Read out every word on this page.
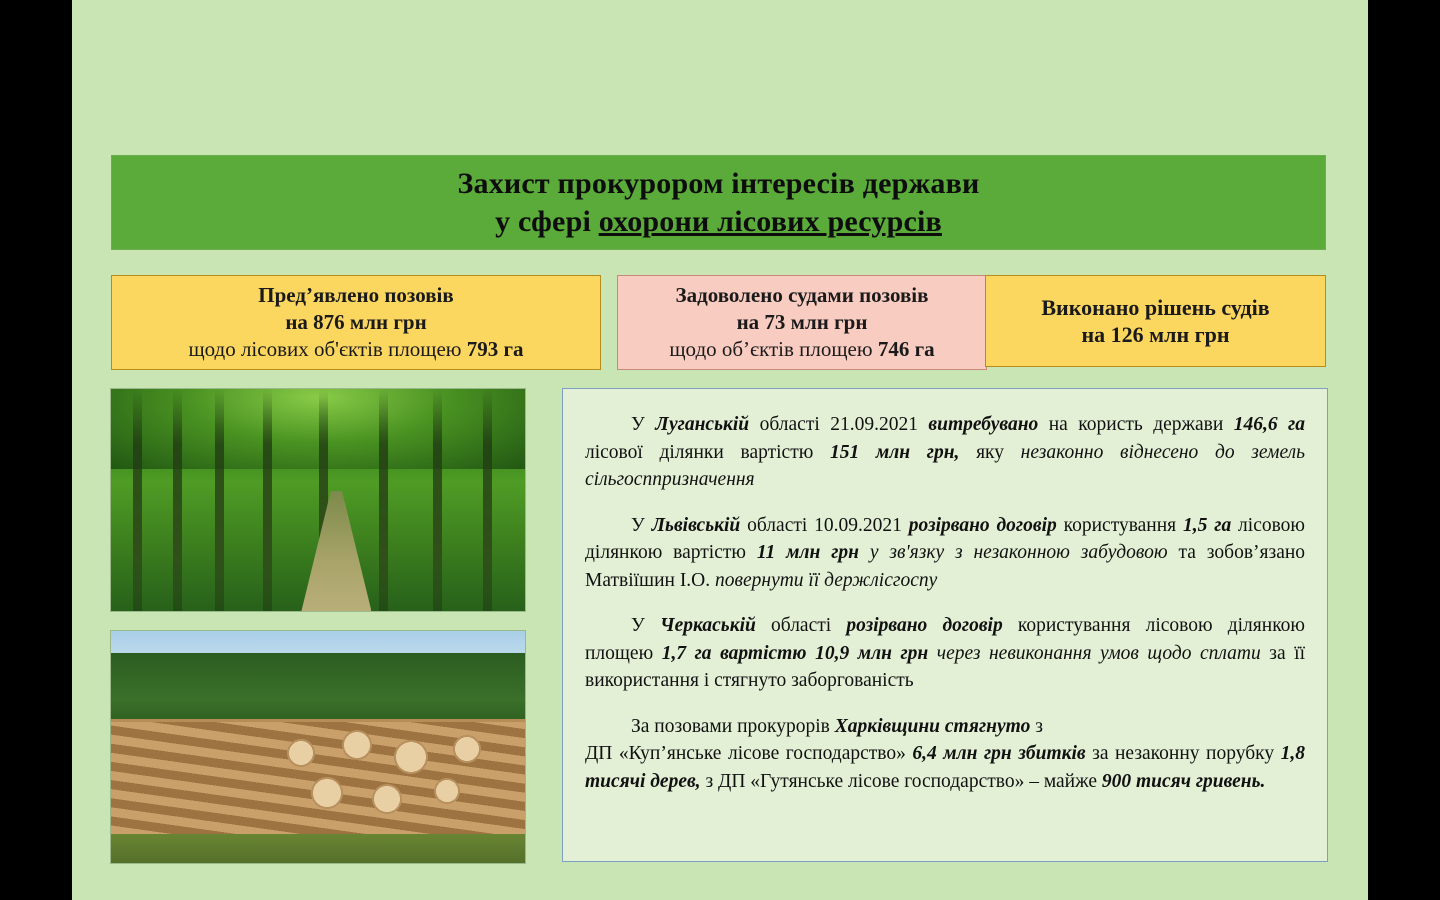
Захист прокурором інтересів держави
у сфері охорони лісових ресурсів
Пред’явлено позовів
на 876 млн грн
щодо лісових об'єктів площею 793 га
Задоволено судами позовів
на 73 млн грн
щодо об’єктів площею 746 га
Виконано рішень судів
на 126 млн грн

У Луганській області 21.09.2021 витребувано на користь держави 146,6 га лісової ділянки вартістю 151 млн грн, яку незаконно віднесено до земель сільгосппризначення

У Львівській області 10.09.2021 розірвано договір користування 1,5 га лісовою ділянкою вартістю 11 млн грн у зв'язку з незаконною забудовою та зобов’язано Матвіїшин І.О. повернути її держлісгоспу

У Черкаській області розірвано договір користування лісовою ділянкою площею 1,7 га вартістю 10,9 млн грн через невиконання умов щодо сплати за її використання і стягнуто заборгованість

За позовами прокурорів Харківщини стягнуто з

ДП «Куп’янське лісове господарство» 6,4 млн грн збитків за незаконну порубку 1,8 тисячі дерев, з ДП «Гутянське лісове господарство» – майже 900 тисяч гривень.
